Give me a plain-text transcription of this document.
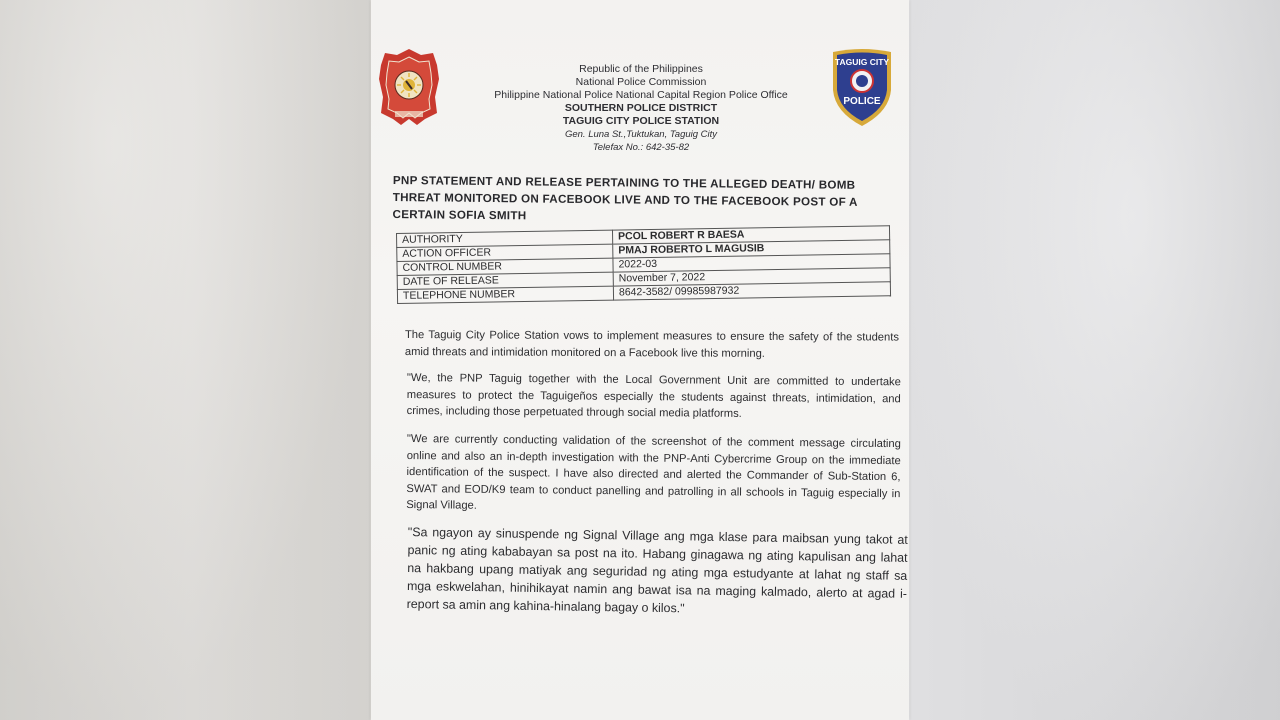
Republic of the Philippines
National Police Commission
Philippine National Police National Capital Region Police Office
SOUTHERN POLICE DISTRICT
TAGUIG CITY POLICE STATION
Gen. Luna St.,Tuktukan, Taguig City
Telefax No.: 642-35-82
TAGUIG CITY
POLICE
PNP STATEMENT AND RELEASE PERTAINING TO THE ALLEGED DEATH/ BOMB THREAT MONITORED ON FACEBOOK LIVE AND TO THE FACEBOOK POST OF A CERTAIN SOFIA SMITH
AUTHORITY	PCOL ROBERT R BAESA
ACTION OFFICER	PMAJ ROBERTO L MAGUSIB
CONTROL NUMBER	2022-03
DATE OF RELEASE	November 7, 2022
TELEPHONE NUMBER	8642-3582/ 09985987932
The Taguig City Police Station vows to implement measures to ensure the safety of the students amid threats and intimidation monitored on a Facebook live this morning.
"We, the PNP Taguig together with the Local Government Unit are committed to undertake measures to protect the Taguigeños especially the students against threats, intimidation, and crimes, including those perpetuated through social media platforms.
"We are currently conducting validation of the screenshot of the comment message circulating online and also an in-depth investigation with the PNP-Anti Cybercrime Group on the immediate identification of the suspect. I have also directed and alerted the Commander of Sub-Station 6, SWAT and EOD/K9 team to conduct panelling and patrolling in all schools in Taguig especially in Signal Village.
"Sa ngayon ay sinuspende ng Signal Village ang mga klase para maibsan yung takot at panic ng ating kababayan sa post na ito. Habang ginagawa ng ating kapulisan ang lahat na hakbang upang matiyak ang seguridad ng ating mga estudyante at lahat ng staff sa mga eskwelahan, hinihikayat namin ang bawat isa na maging kalmado, alerto at agad i-report sa amin ang kahina-hinalang bagay o kilos."
